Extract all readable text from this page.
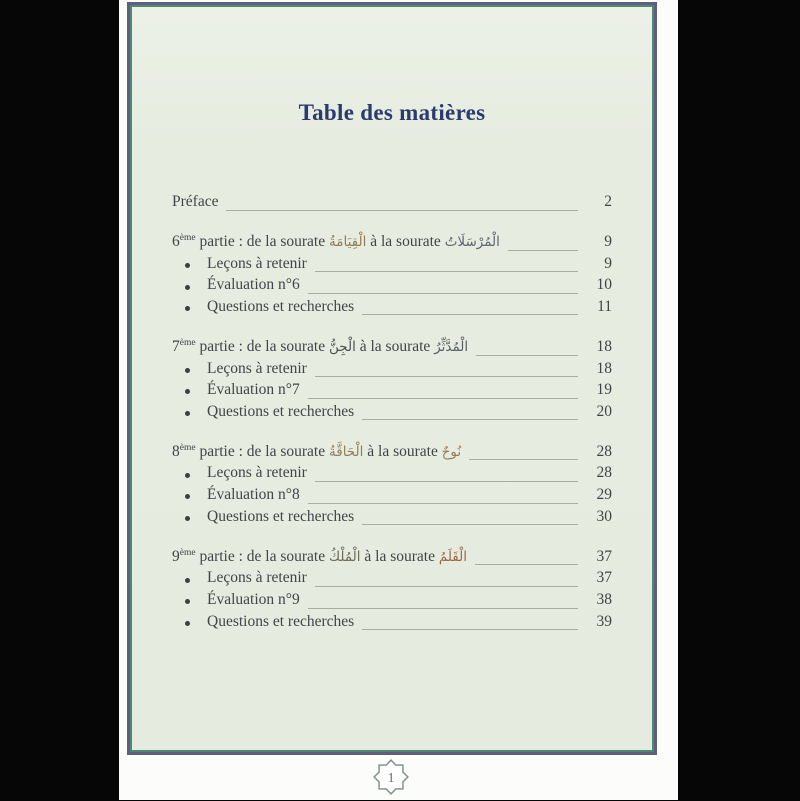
Table des matières
Préface	2
6ème partie : de la sourate الْقِيَامَةُ à la sourate الْمُرْسَلَاتُ	9
Leçons à retenir	9
Évaluation n°6	10
Questions et recherches	11
7ème partie : de la sourate الْجِنُّ à la sourate الْمُدَّثِّرُ	18
Leçons à retenir	18
Évaluation n°7	19
Questions et recherches	20
8ème partie : de la sourate الْحَاقَّةُ à la sourate نُوحٌ	28
Leçons à retenir	28
Évaluation n°8	29
Questions et recherches	30
9ème partie : de la sourate الْمُلْكُ à la sourate الْقَلَمُ	37
Leçons à retenir	37
Évaluation n°9	38
Questions et recherches	39
1
